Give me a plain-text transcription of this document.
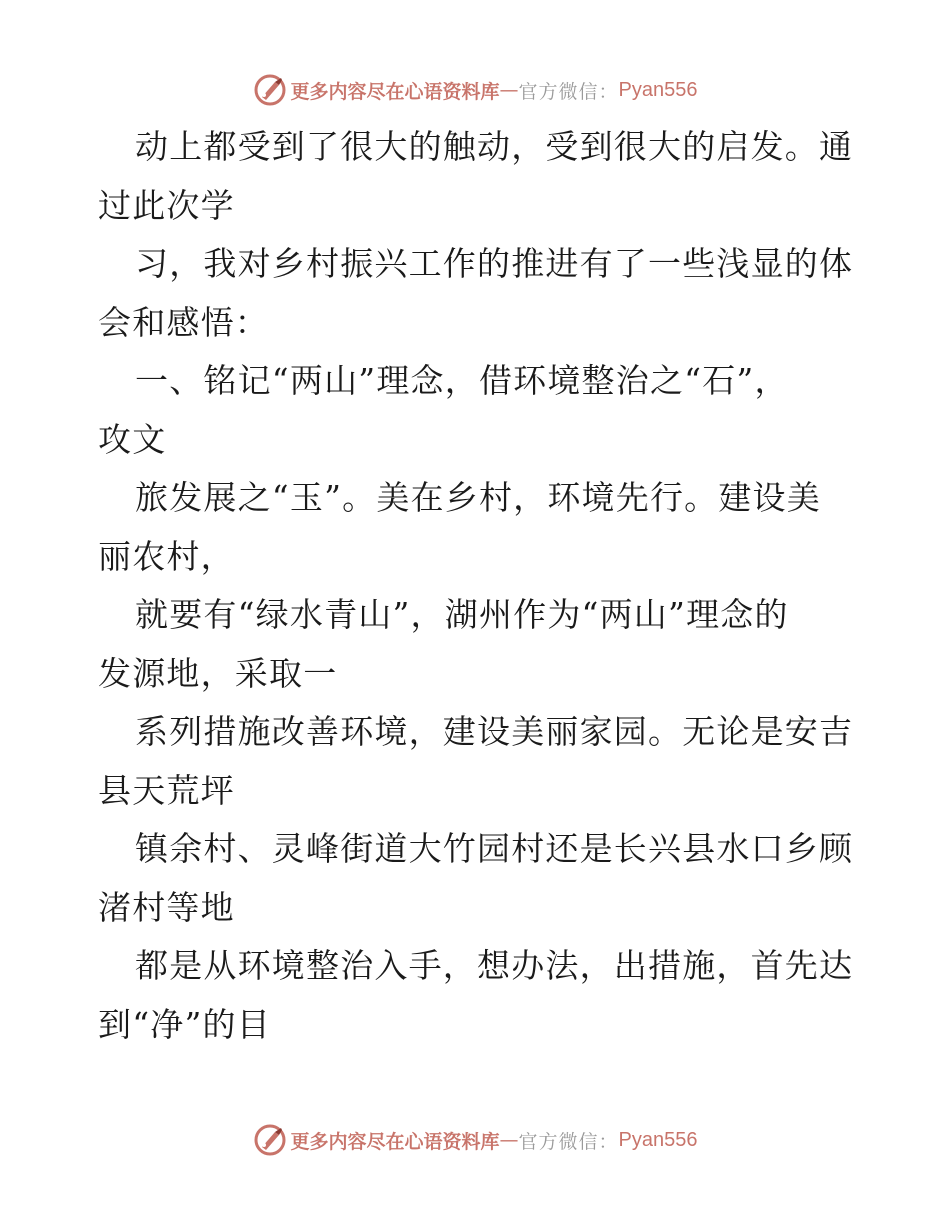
更多内容尽在心语资料库 — 官方微信： Pyan556
动上都受到了很大的触动，受到很大的启发。通
过此次学
习，我对乡村振兴工作的推进有了一些浅显的体
会和感悟：
一、铭记“两山”理念，借环境整治之“石”，
攻文
旅发展之“玉”。美在乡村，环境先行。建设美
丽农村，
就要有“绿水青山”，湖州作为“两山”理念的
发源地，采取一
系列措施改善环境，建设美丽家园。无论是安吉
县天荒坪
镇余村、灵峰街道大竹园村还是长兴县水口乡顾
渚村等地
都是从环境整治入手，想办法，出措施，首先达
到“净”的目
更多内容尽在心语资料库 — 官方微信： Pyan556
